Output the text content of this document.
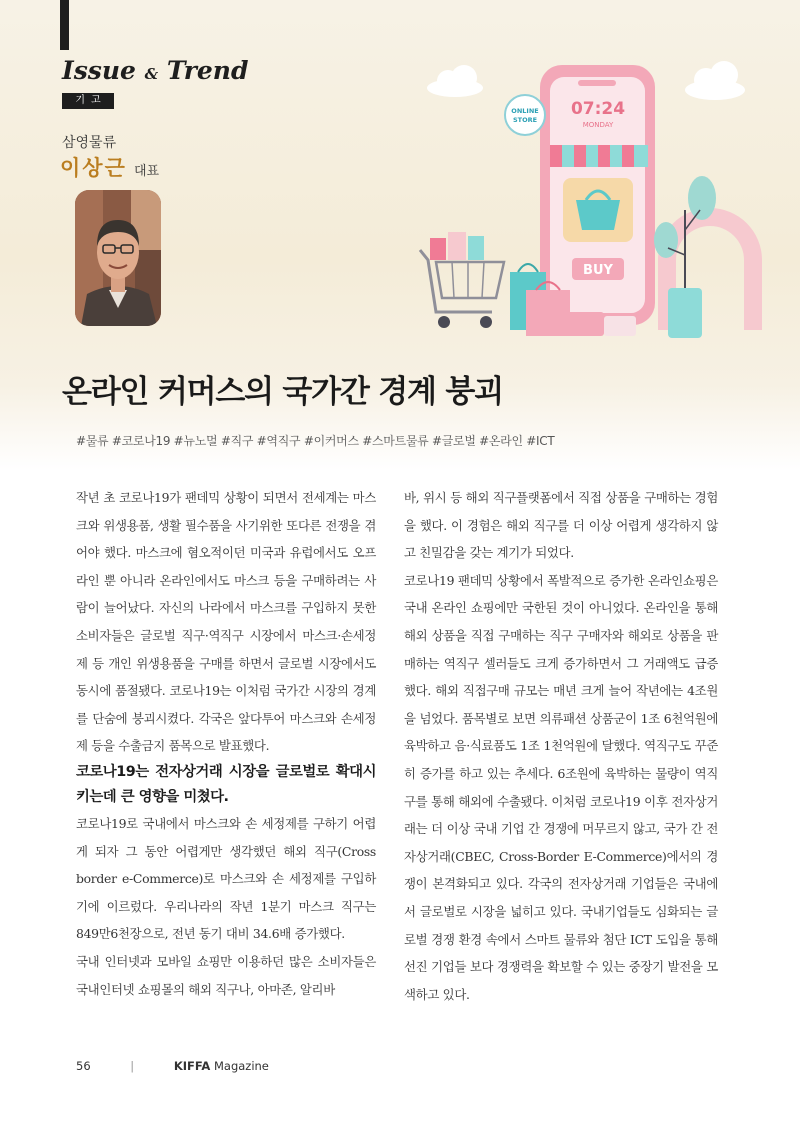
Issue & Trend
기고
삼영물류
이상근 대표
07:24
MONDAY
ONLINE
STORE
BUY
온라인 커머스의 국가간 경계 붕괴
#물류 #코로나19 #뉴노멀 #직구 #역직구 #이커머스 #스마트물류 #글로벌 #온라인 #ICT

작년 초 코로나19가 팬데믹 상황이 되면서 전세계는 마스크와 위생용품, 생활 필수품을 사기위한 또다른 전쟁을 겪어야 했다. 마스크에 혐오적이던 미국과 유럽에서도 오프라인 뿐 아니라 온라인에서도 마스크 등을 구매하려는 사람이 늘어났다. 자신의 나라에서 마스크를 구입하지 못한 소비자들은 글로벌 직구·역직구 시장에서 마스크·손세정제 등 개인 위생용품을 구매를 하면서 글로벌 시장에서도 동시에 품절됐다. 코로나19는 이처럼 국가간 시장의 경계를 단숨에 붕괴시켰다. 각국은 앞다투어 마스크와 손세정제 등을 수출금지 품목으로 발표했다.

코로나19는 전자상거래 시장을 글로벌로 확대시키는데 큰 영향을 미쳤다.

코로나19로 국내에서 마스크와 손 세정제를 구하기 어렵게 되자 그 동안 어렵게만 생각했던 해외 직구(Cross border e-Commerce)로 마스크와 손 세정제를 구입하기에 이르렀다. 우리나라의 작년 1분기 마스크 직구는 849만6천장으로, 전년 동기 대비 34.6배 증가했다.

국내 인터넷과 모바일 쇼핑만 이용하던 많은 소비자들은 국내인터넷 쇼핑몰의 해외 직구나, 아마존, 알리바

바, 위시 등 해외 직구플랫폼에서 직접 상품을 구매하는 경험을 했다. 이 경험은 해외 직구를 더 이상 어렵게 생각하지 않고 친밀감을 갖는 계기가 되었다.

코로나19 팬데믹 상황에서 폭발적으로 증가한 온라인쇼핑은 국내 온라인 쇼핑에만 국한된 것이 아니었다. 온라인을 통해 해외 상품을 직접 구매하는 직구 구매자와 해외로 상품을 판매하는 역직구 셀러들도 크게 증가하면서 그 거래액도 급증했다. 해외 직접구매 규모는 매년 크게 늘어 작년에는 4조원을 넘었다. 품목별로 보면 의류패션 상품군이 1조 6천억원에 육박하고 음·식료품도 1조 1천억원에 달했다. 역직구도 꾸준히 증가를 하고 있는 추세다. 6조원에 육박하는 물량이 역직구를 통해 해외에 수출됐다. 이처럼 코로나19 이후 전자상거래는 더 이상 국내 기업 간 경쟁에 머무르지 않고, 국가 간 전자상거래(CBEC, Cross-Border E-Commerce)에서의 경쟁이 본격화되고 있다. 각국의 전자상거래 기업들은 국내에서 글로벌로 시장을 넓히고 있다. 국내기업들도 심화되는 글로벌 경쟁 환경 속에서 스마트 물류와 첨단 ICT 도입을 통해 선진 기업들 보다 경쟁력을 확보할 수 있는 중장기 발전을 모색하고 있다.

56	|	KIFFA Magazine
